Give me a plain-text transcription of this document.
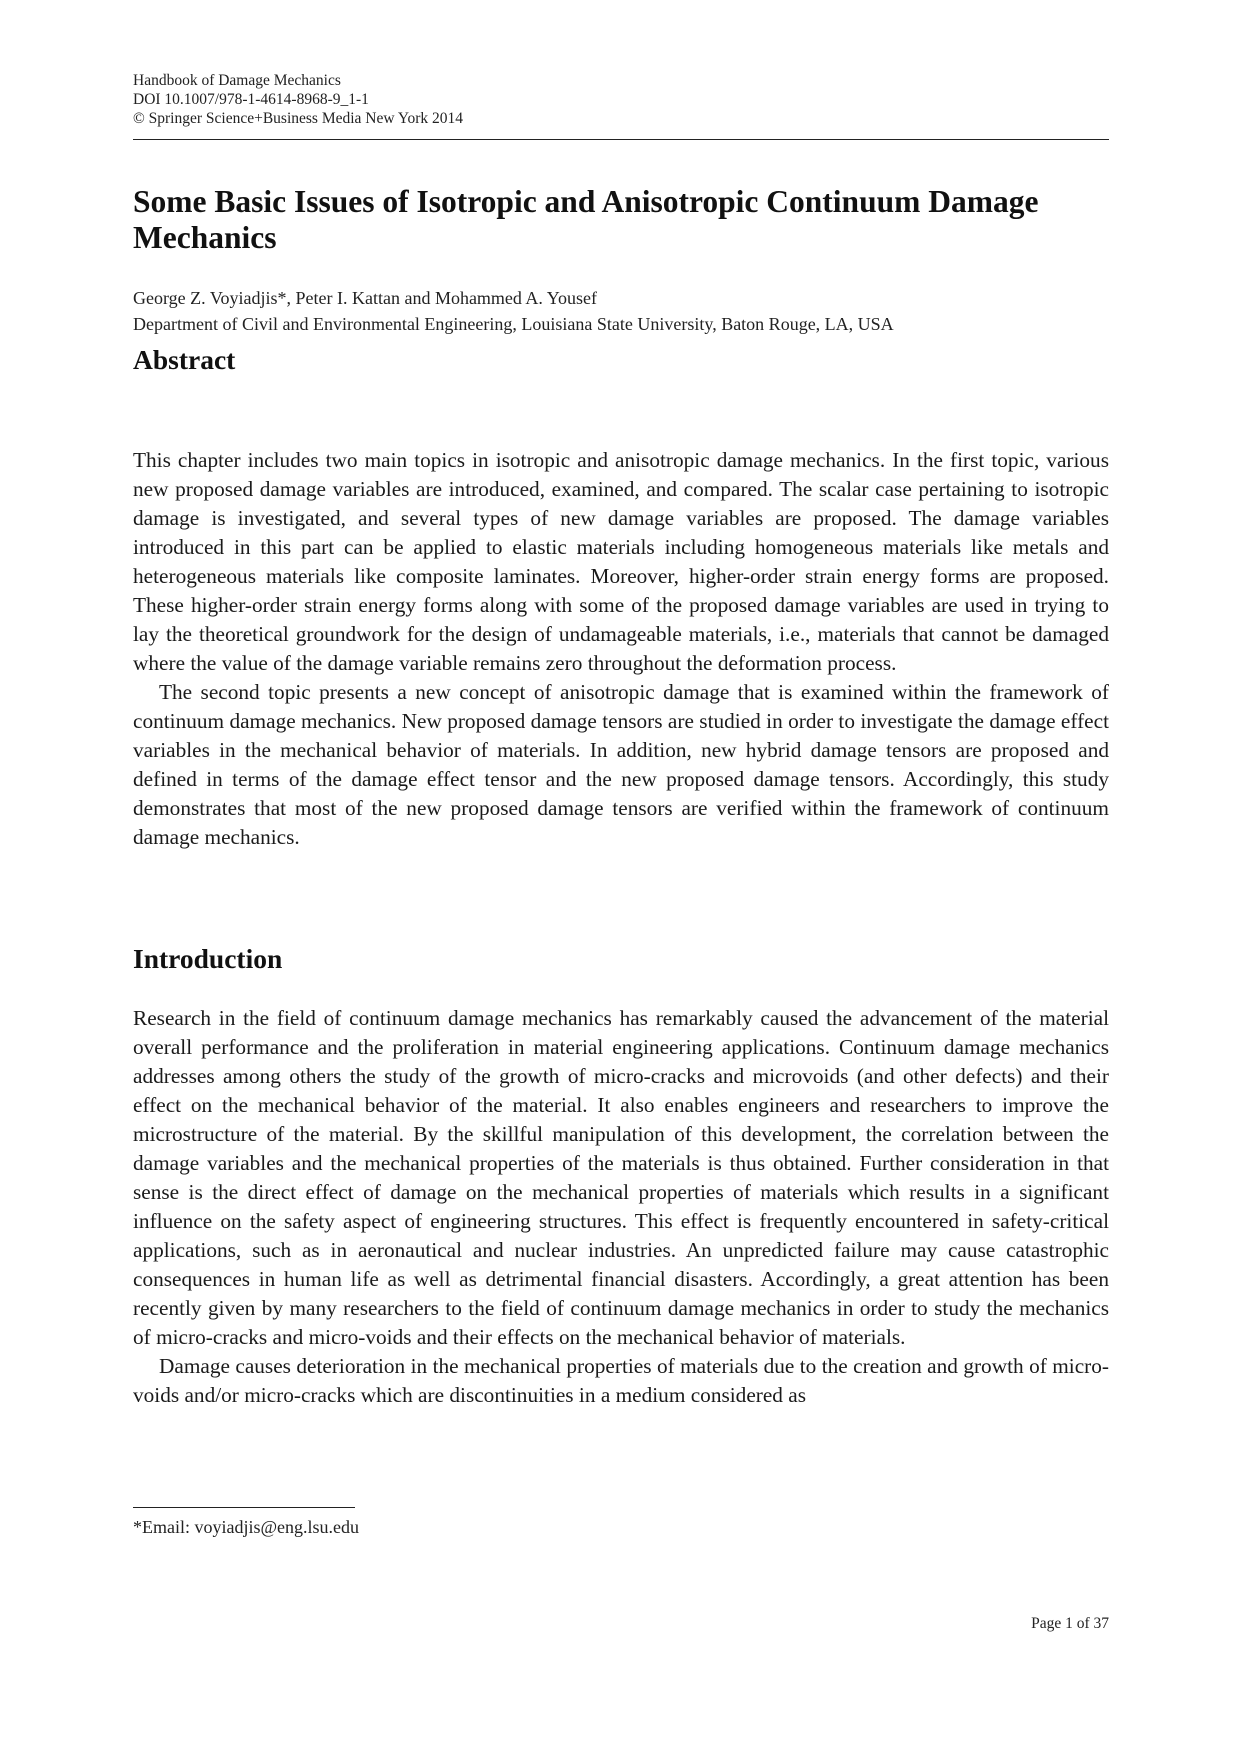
Handbook of Damage Mechanics
DOI 10.1007/978-1-4614-8968-9_1-1
© Springer Science+Business Media New York 2014
Some Basic Issues of Isotropic and Anisotropic Continuum Damage Mechanics
George Z. Voyiadjis*, Peter I. Kattan and Mohammed A. Yousef
Department of Civil and Environmental Engineering, Louisiana State University, Baton Rouge, LA, USA
Abstract

This chapter includes two main topics in isotropic and anisotropic damage mechanics. In the first topic, various new proposed damage variables are introduced, examined, and compared. The scalar case pertaining to isotropic damage is investigated, and several types of new damage variables are proposed. The damage variables introduced in this part can be applied to elastic materials including homogeneous materials like metals and heterogeneous materials like composite laminates. Moreover, higher-order strain energy forms are proposed. These higher-order strain energy forms along with some of the proposed damage variables are used in trying to lay the theoretical groundwork for the design of undamageable materials, i.e., materials that cannot be damaged where the value of the damage variable remains zero throughout the deformation process.

The second topic presents a new concept of anisotropic damage that is examined within the framework of continuum damage mechanics. New proposed damage tensors are studied in order to investigate the damage effect variables in the mechanical behavior of materials. In addition, new hybrid damage tensors are proposed and defined in terms of the damage effect tensor and the new proposed damage tensors. Accordingly, this study demonstrates that most of the new proposed damage tensors are verified within the framework of continuum damage mechanics.

Introduction

Research in the field of continuum damage mechanics has remarkably caused the advancement of the material overall performance and the proliferation in material engineering applications. Continuum damage mechanics addresses among others the study of the growth of micro-cracks and microvoids (and other defects) and their effect on the mechanical behavior of the material. It also enables engineers and researchers to improve the microstructure of the material. By the skillful manipulation of this development, the correlation between the damage variables and the mechanical properties of the materials is thus obtained. Further consideration in that sense is the direct effect of damage on the mechanical properties of materials which results in a significant influence on the safety aspect of engineering structures. This effect is frequently encountered in safety-critical applications, such as in aeronautical and nuclear industries. An unpredicted failure may cause catastrophic consequences in human life as well as detrimental financial disasters. Accordingly, a great attention has been recently given by many researchers to the field of continuum damage mechanics in order to study the mechanics of micro-cracks and micro-voids and their effects on the mechanical behavior of materials.

Damage causes deterioration in the mechanical properties of materials due to the creation and growth of micro-voids and/or micro-cracks which are discontinuities in a medium considered as

*Email: voyiadjis@eng.lsu.edu
Page 1 of 37
